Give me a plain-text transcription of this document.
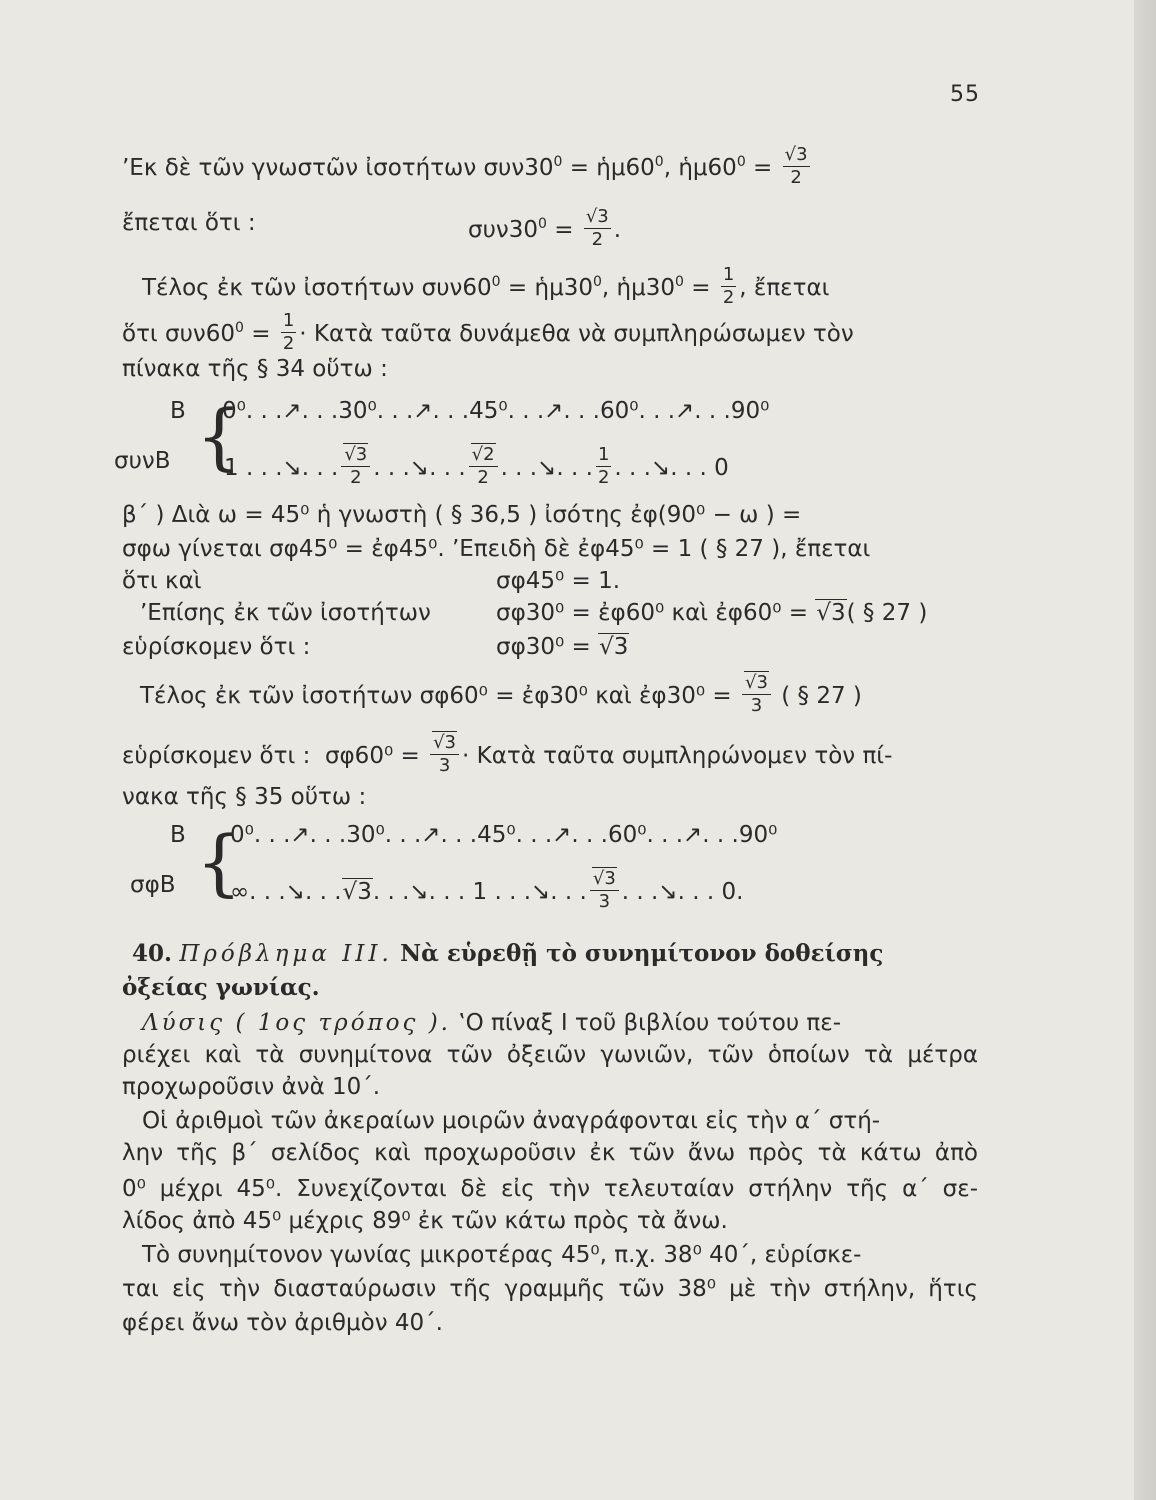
55
’Εκ δὲ τῶν γνωστῶν ἰσοτήτων $\sigma\upsilon\nu 30^0$ = $ἡ\mu 60^0$, $ἡ\mu 60^0 = \frac{√3}{2}$
ἔπεται ὅτι :	$\sigma\upsilon\nu 30^0 = \frac{√3}{2}$ .
Τέλος ἐκ τῶν ἰσοτήτων $\sigma\upsilon\nu 60^0$ = $ἡ\mu 30^0$, $ἡ\mu 30^0 = \frac{1}{2}$ , ἔπεται
ὅτι $\sigma\upsilon\nu 60^0 = \frac{1}{2}$ · Κατὰ ταῦτα δυνάμεθα νὰ συμπληρώσωμεν τὸν
πίνακα τῆς § 34 οὕτω :
B 0⁰. . .↗. . .30⁰. . .↗. . .45⁰. . .↗. . .60⁰. . .↗. . .90⁰
{
συνB 1 . . .↘. . . $\frac{√3}{2}$ . . .↘. . . $\frac{√2}{2}$ . . .↘. . . $\frac{1}{2}$ . . .↘. . . 0
β΄ ) Διὰ ω = 45⁰ ἡ γνωστὴ ( § 36,5 ) ἰσότης ἐφ(90⁰ − ω ) =
σφω γίνεται σφ45⁰ = ἐφ45⁰. ’Επειδὴ δὲ ἐφ45⁰ = 1 ( § 27 ), ἔπεται
ὅτι καὶ	σφ45⁰ = 1.
’Επίσης ἐκ τῶν ἰσοτήτων	σφ30⁰ = ἐφ60⁰ καὶ ἐφ60⁰ = √3( § 27 )
εὑρίσκομεν ὅτι :	σφ30⁰ = √3
Τέλος ἐκ τῶν ἰσοτήτων σφ60⁰ = ἐφ30⁰ καὶ ἐφ30⁰ = $\frac{√3}{3}$ ( § 27 )
εὑρίσκομεν ὅτι : $\sigma\varphi 60^0 = \frac{√3}{3}$ · Κατὰ ταῦτα συμπληρώνομεν τὸν πί-
νακα τῆς § 35 οὕτω :
B 0⁰. . .↗. . .30⁰. . .↗. . .45⁰. . .↗. . .60⁰. . .↗. . .90⁰
{
σφB ∞. . .↘. . .√3. . .↘. . . 1 . . .↘. . . $\frac{√3}{3}$ . . .↘. . . 0.
40. Πρόβλημα ΙΙΙ. Νὰ εὑρεθῇ τὸ συνημίτονον δοθείσης
ὀξείας γωνίας.
Λύσις ( 1ος τρόπος ). ‛Ο πίναξ Ι τοῦ βιβλίου τούτου πε-
ριέχει καὶ τὰ συνημίτονα τῶν ὀξειῶν γωνιῶν, τῶν ὁποίων τὰ μέτρα
προχωροῦσιν ἀνὰ 10΄.
Οἱ ἀριθμοὶ τῶν ἀκεραίων μοιρῶν ἀναγράφονται εἰς τὴν α΄ στή-
λην τῆς β΄ σελίδος καὶ προχωροῦσιν ἐκ τῶν ἄνω πρὸς τὰ κάτω ἀπὸ
0⁰ μέχρι 45⁰. Συνεχίζονται δὲ εἰς τὴν τελευταίαν στήλην τῆς α΄ σε-
λίδος ἀπὸ 45⁰ μέχρις 89⁰ ἐκ τῶν κάτω πρὸς τὰ ἄνω.
Τὸ συνημίτονον γωνίας μικροτέρας 45⁰, π.χ. 38⁰ 40΄, εὑρίσκε-
ται εἰς τὴν διασταύρωσιν τῆς γραμμῆς τῶν 38⁰ μὲ τὴν στήλην, ἥτις
φέρει ἄνω τὸν ἀριθμὸν 40΄.
